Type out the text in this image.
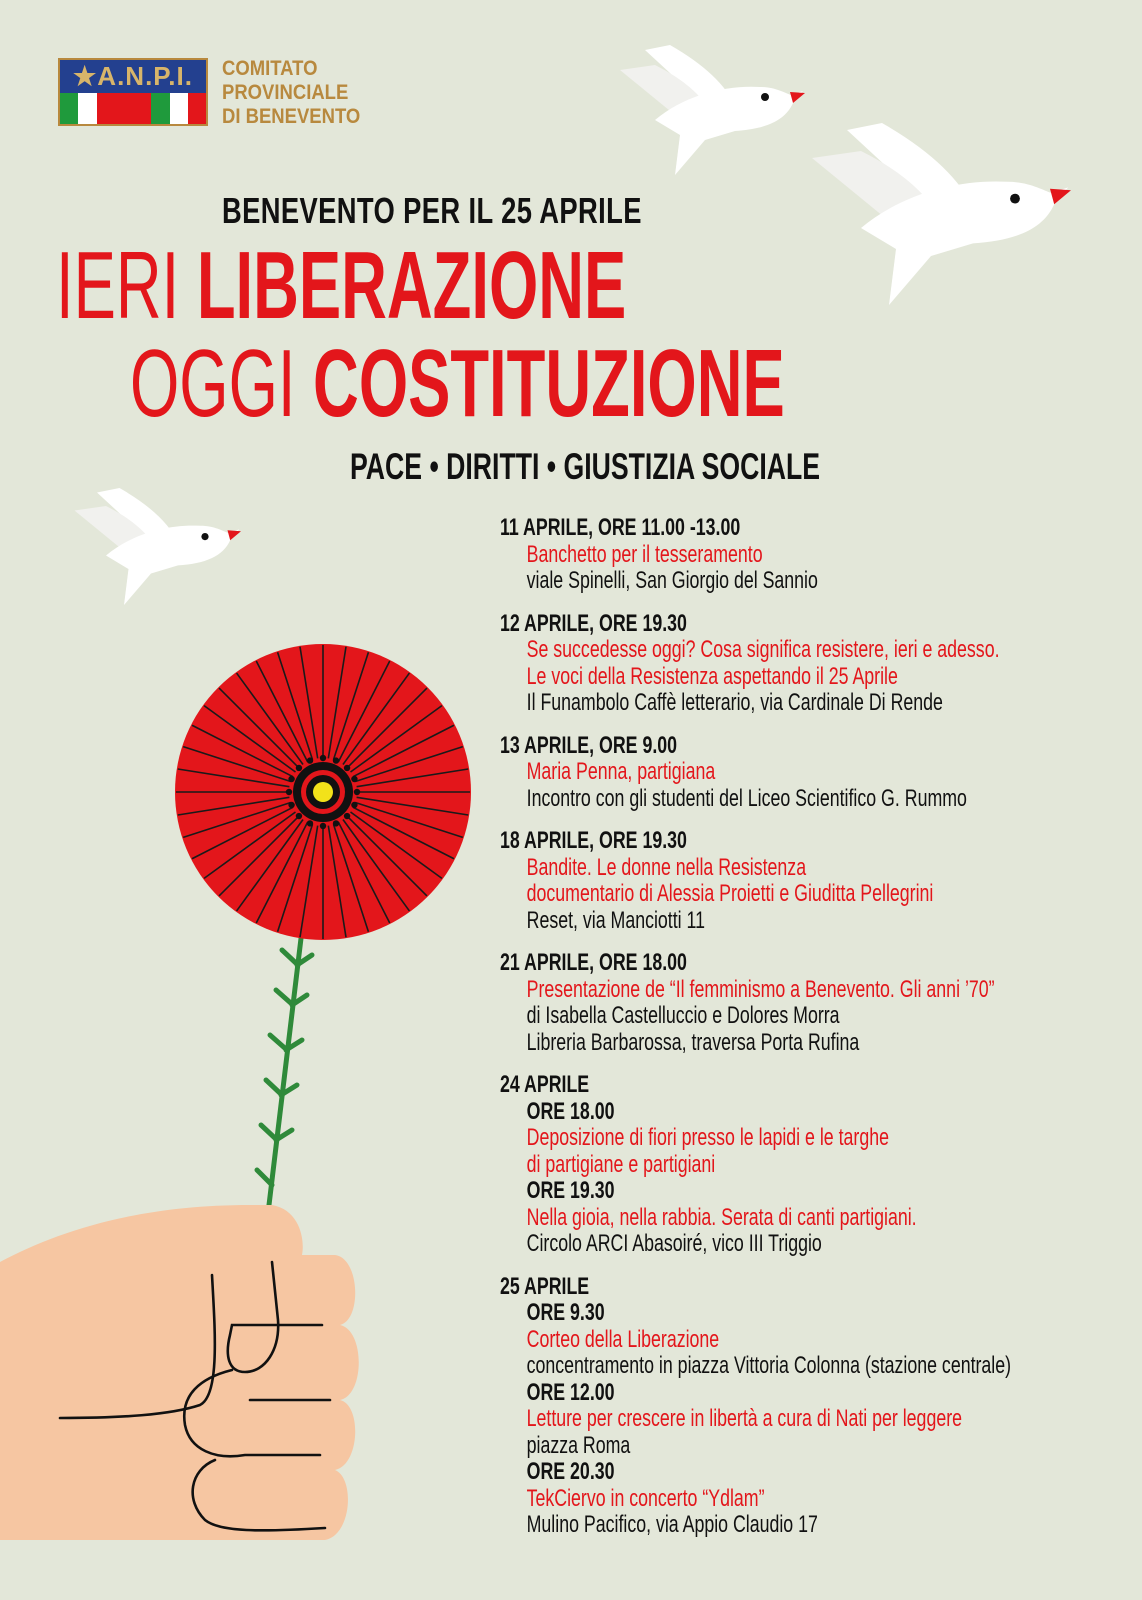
★A.N.P.I.	COMITATO
PROVINCIALE
DI BENEVENTO
BENEVENTO PER IL 25 APRILE
IERI LIBERAZIONE
OGGI COSTITUZIONE
PACE • DIRITTI • GIUSTIZIA SOCIALE
11 APRILE, ORE 11.00 -13.00
Banchetto per il tesseramento
viale Spinelli, San Giorgio del Sannio
12 APRILE, ORE 19.30
Se succedesse oggi? Cosa significa resistere, ieri e adesso.
Le voci della Resistenza aspettando il 25 Aprile
Il Funambolo Caffè letterario, via Cardinale Di Rende
13 APRILE, ORE 9.00
Maria Penna, partigiana
Incontro con gli studenti del Liceo Scientifico G. Rummo
18 APRILE, ORE 19.30
Bandite. Le donne nella Resistenza
documentario di Alessia Proietti e Giuditta Pellegrini
Reset, via Manciotti 11
21 APRILE, ORE 18.00
Presentazione de “Il femminismo a Benevento. Gli anni ’70”
di Isabella Castelluccio e Dolores Morra
Libreria Barbarossa, traversa Porta Rufina
24 APRILE
ORE 18.00
Deposizione di fiori presso le lapidi e le targhe
di partigiane e partigiani
ORE 19.30
Nella gioia, nella rabbia. Serata di canti partigiani.
Circolo ARCI Abasoiré, vico III Triggio
25 APRILE
ORE 9.30
Corteo della Liberazione
concentramento in piazza Vittoria Colonna (stazione centrale)
ORE 12.00
Letture per crescere in libertà a cura di Nati per leggere
piazza Roma
ORE 20.30
TekCiervo in concerto “Ydlam”
Mulino Pacifico, via Appio Claudio 17
